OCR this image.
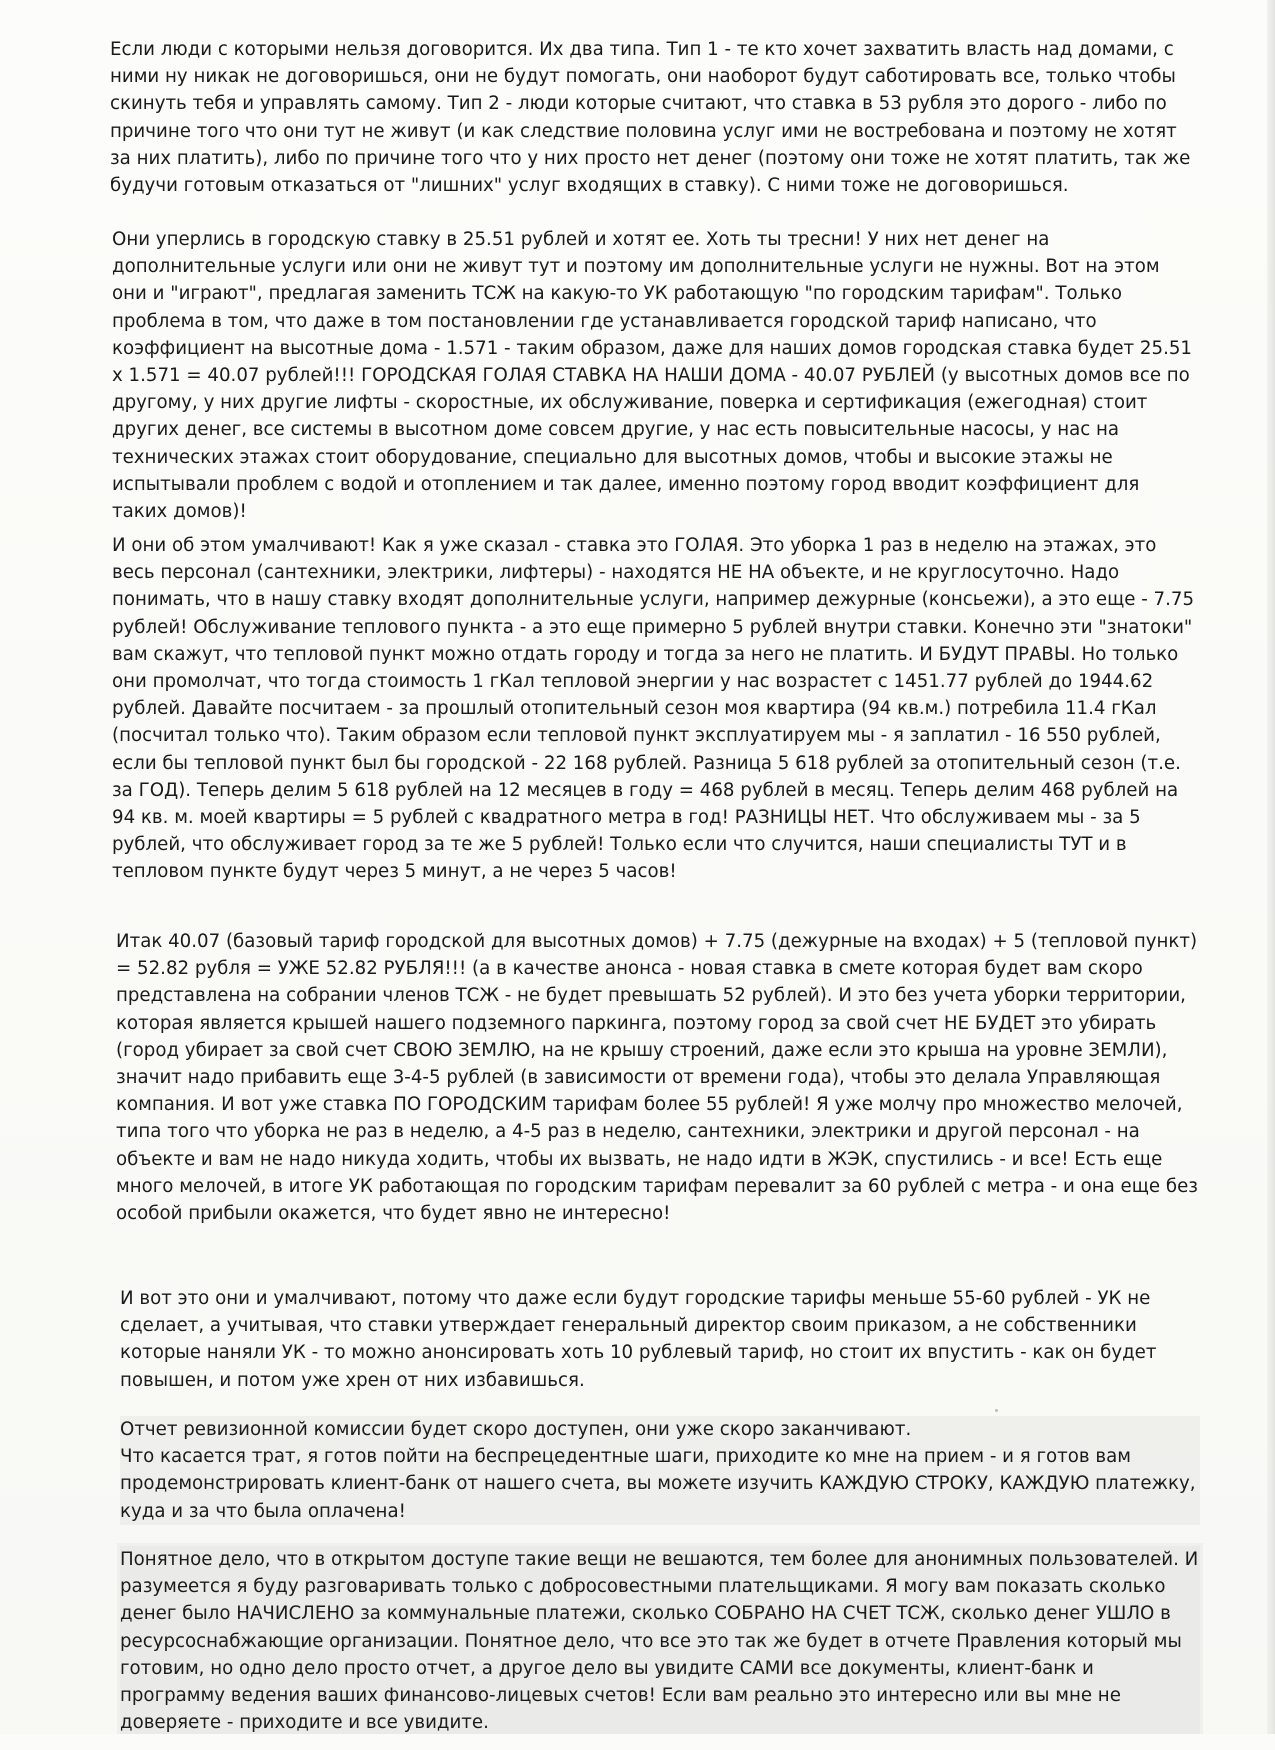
Если люди с которыми нельзя договорится. Их два типа. Тип 1 - те кто хочет захватить власть над домами, с ними ну никак не договоришься, они не будут помогать, они наоборот будут саботировать все, только чтобы скинуть тебя и управлять самому. Тип 2 - люди которые считают, что ставка в 53 рубля это дорого - либо по причине того что они тут не живут (и как следствие половина услуг ими не востребована и поэтому не хотят за них платить), либо по причине того что у них просто нет денег (поэтому они тоже не хотят платить, так же будучи готовым отказаться от "лишних" услуг входящих в ставку). С ними тоже не договоришься.

Они уперлись в городскую ставку в 25.51 рублей и хотят ее. Хоть ты тресни! У них нет денег на дополнительные услуги или они не живут тут и поэтому им дополнительные услуги не нужны. Вот на этом они и "играют", предлагая заменить ТСЖ на какую-то УК работающую "по городским тарифам". Только проблема в том, что даже в том постановлении где устанавливается городской тариф написано, что коэффициент на высотные дома - 1.571 - таким образом, даже для наших домов городская ставка будет 25.51 х 1.571 = 40.07 рублей!!! ГОРОДСКАЯ ГОЛАЯ СТАВКА НА НАШИ ДОМА - 40.07 РУБЛЕЙ (у высотных домов все по другому, у них другие лифты - скоростные, их обслуживание, поверка и сертификация (ежегодная) стоит других денег, все системы в высотном доме совсем другие, у нас есть повысительные насосы, у нас на технических этажах стоит оборудование, специально для высотных домов, чтобы и высокие этажы не испытывали проблем с водой и отоплением и так далее, именно поэтому город вводит коэффициент для таких домов)!

И они об этом умалчивают! Как я уже сказал - ставка это ГОЛАЯ. Это уборка 1 раз в неделю на этажах, это весь персонал (сантехники, электрики, лифтеры) - находятся НЕ НА объекте, и не круглосуточно. Надо понимать, что в нашу ставку входят дополнительные услуги, например дежурные (консьежи), а это еще - 7.75 рублей! Обслуживание теплового пункта - а это еще примерно 5 рублей внутри ставки. Конечно эти "знатоки" вам скажут, что тепловой пункт можно отдать городу и тогда за него не платить. И БУДУТ ПРАВЫ. Но только они промолчат, что тогда стоимость 1 гКал тепловой энергии у нас возрастет с 1451.77 рублей до 1944.62 рублей. Давайте посчитаем - за прошлый отопительный сезон моя квартира (94 кв.м.) потребила 11.4 гКал (посчитал только что). Таким образом если тепловой пункт эксплуатируем мы - я заплатил - 16 550 рублей, если бы тепловой пункт был бы городской - 22 168 рублей. Разница 5 618 рублей за отопительный сезон (т.е. за ГОД). Теперь делим 5 618 рублей на 12 месяцев в году = 468 рублей в месяц. Теперь делим 468 рублей на 94 кв. м. моей квартиры = 5 рублей с квадратного метра в год! РАЗНИЦЫ НЕТ. Что обслуживаем мы - за 5 рублей, что обслуживает город за те же 5 рублей! Только если что случится, наши специалисты ТУТ и в тепловом пункте будут через 5 минут, а не через 5 часов!

Итак 40.07 (базовый тариф городской для высотных домов) + 7.75 (дежурные на входах) + 5 (тепловой пункт) = 52.82 рубля = УЖЕ 52.82 РУБЛЯ!!! (а в качестве анонса - новая ставка в смете которая будет вам скоро представлена на собрании членов ТСЖ - не будет превышать 52 рублей). И это без учета уборки территории, которая является крышей нашего подземного паркинга, поэтому город за свой счет НЕ БУДЕТ это убирать (город убирает за свой счет СВОЮ ЗЕМЛЮ, на не крышу строений, даже если это крыша на уровне ЗЕМЛИ), значит надо прибавить еще 3-4-5 рублей (в зависимости от времени года), чтобы это делала Управляющая компания. И вот уже ставка ПО ГОРОДСКИМ тарифам более 55 рублей! Я уже молчу про множество мелочей, типа того что уборка не раз в неделю, а 4-5 раз в неделю, сантехники, электрики и другой персонал - на объекте и вам не надо никуда ходить, чтобы их вызвать, не надо идти в ЖЭК, спустились - и все! Есть еще много мелочей, в итоге УК работающая по городским тарифам перевалит за 60 рублей с метра - и она еще без особой прибыли окажется, что будет явно не интересно!

И вот это они и умалчивают, потому что даже если будут городские тарифы меньше 55-60 рублей - УК не сделает, а учитывая, что ставки утверждает генеральный директор своим приказом, а не собственники которые наняли УК - то можно анонсировать хоть 10 рублевый тариф, но стоит их впустить - как он будет повышен, и потом уже хрен от них избавишься.

Отчет ревизионной комиссии будет скоро доступен, они уже скоро заканчивают.
Что касается трат, я готов пойти на беспрецедентные шаги, приходите ко мне на прием - и я готов вам продемонстрировать клиент-банк от нашего счета, вы можете изучить КАЖДУЮ СТРОКУ, КАЖДУЮ платежку, куда и за что была оплачена!

Понятное дело, что в открытом доступе такие вещи не вешаются, тем более для анонимных пользователей. И разумеется я буду разговаривать только с добросовестными плательщиками. Я могу вам показать сколько денег было НАЧИСЛЕНО за коммунальные платежи, сколько СОБРАНО НА СЧЕТ ТСЖ, сколько денег УШЛО в ресурсоснабжающие организации. Понятное дело, что все это так же будет в отчете Правления который мы готовим, но одно дело просто отчет, а другое дело вы увидите САМИ все документы, клиент-банк и программу ведения ваших финансово-лицевых счетов! Если вам реально это интересно или вы мне не доверяете - приходите и все увидите.
